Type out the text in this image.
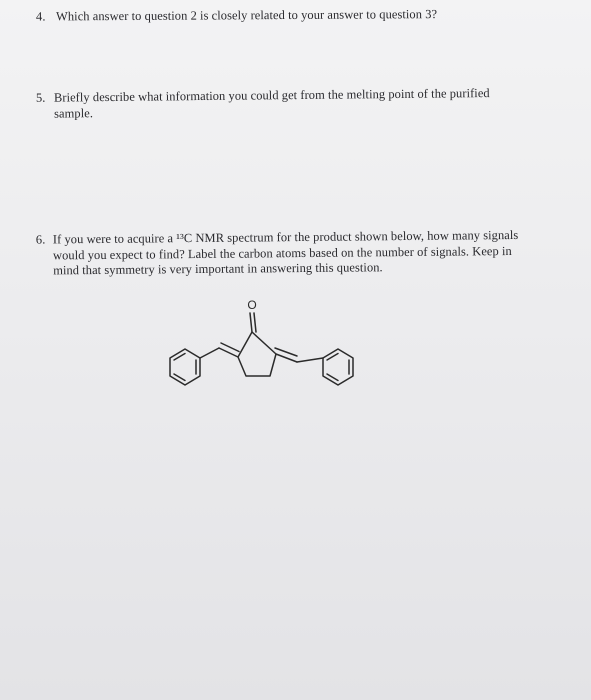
4. Which answer to question 2 is closely related to your answer to question 3?
5. Briefly describe what information you could get from the melting point of the purified
sample.
6. If you were to acquire a ¹³C NMR spectrum for the product shown below, how many signals
would you expect to find? Label the carbon atoms based on the number of signals. Keep in
mind that symmetry is very important in answering this question.
O
